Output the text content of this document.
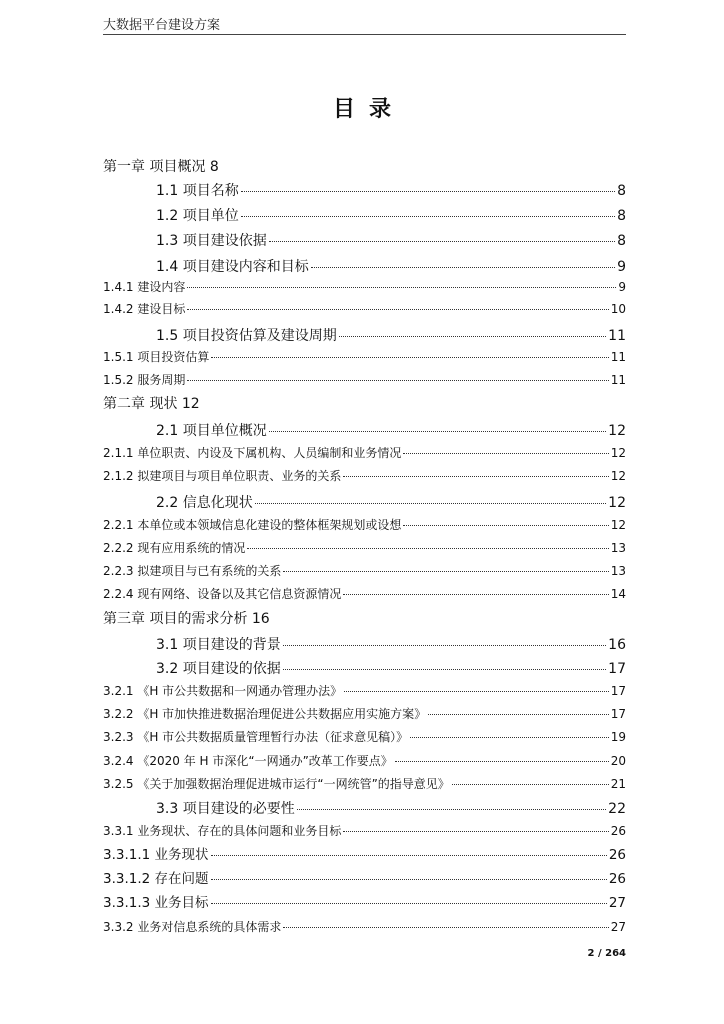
大数据平台建设方案
目录
第一章 项目概况 8
1.1 项目名称	8
1.2 项目单位	8
1.3 项目建设依据	8
1.4 项目建设内容和目标	9
1.4.1 建设内容	9
1.4.2 建设目标	10
1.5 项目投资估算及建设周期	11
1.5.1 项目投资估算	11
1.5.2 服务周期	11
第二章 现状 12
2.1 项目单位概况	12
2.1.1 单位职责、内设及下属机构、人员编制和业务情况	12
2.1.2 拟建项目与项目单位职责、业务的关系	12
2.2 信息化现状	12
2.2.1 本单位或本领域信息化建设的整体框架规划或设想	12
2.2.2 现有应用系统的情况	13
2.2.3 拟建项目与已有系统的关系	13
2.2.4 现有网络、设备以及其它信息资源情况	14
第三章 项目的需求分析 16
3.1 项目建设的背景	16
3.2 项目建设的依据	17
3.2.1 《H 市公共数据和一网通办管理办法》	17
3.2.2 《H 市加快推进数据治理促进公共数据应用实施方案》	17
3.2.3 《H 市公共数据质量管理暂行办法（征求意见稿）》	19
3.2.4 《2020 年 H 市深化“一网通办”改革工作要点》	20
3.2.5 《关于加强数据治理促进城市运行“一网统管”的指导意见》	21
3.3 项目建设的必要性	22
3.3.1 业务现状、存在的具体问题和业务目标	26
3.3.1.1 业务现状	26
3.3.1.2 存在问题	26
3.3.1.3 业务目标	27
3.3.2 业务对信息系统的具体需求	27
2 / 264
